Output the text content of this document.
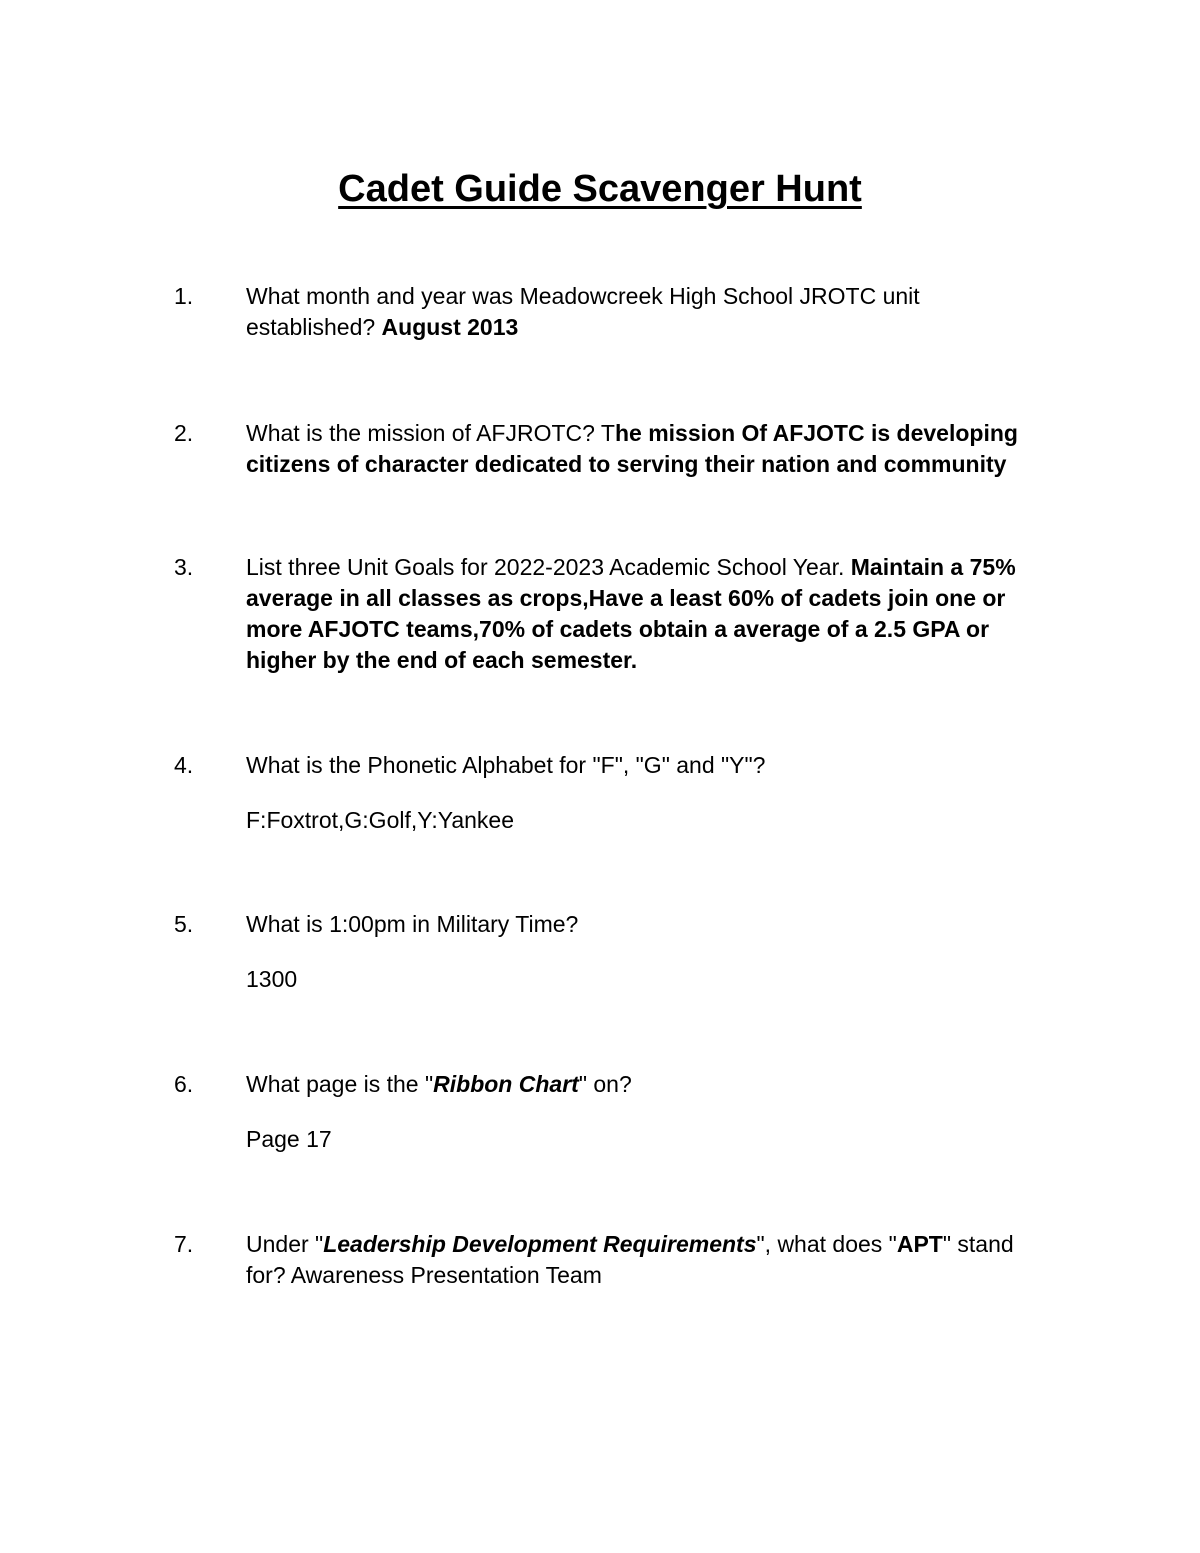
Cadet Guide Scavenger Hunt
1. What month and year was Meadowcreek High School JROTC unit
established? August 2013
2. What is the mission of AFJROTC? The mission Of AFJOTC is developing
citizens of character dedicated to serving their nation and community
3. List three Unit Goals for 2022-2023 Academic School Year. Maintain a 75%
average in all classes as crops,Have a least 60% of cadets join one or
more AFJOTC teams,70% of cadets obtain a average of a 2.5 GPA or
higher by the end of each semester.
4. What is the Phonetic Alphabet for "F", "G" and "Y"?
F:Foxtrot,G:Golf,Y:Yankee
5. What is 1:00pm in Military Time?
1300
6. What page is the "Ribbon Chart" on?
Page 17
7. Under "Leadership Development Requirements", what does "APT" stand
for? Awareness Presentation Team
